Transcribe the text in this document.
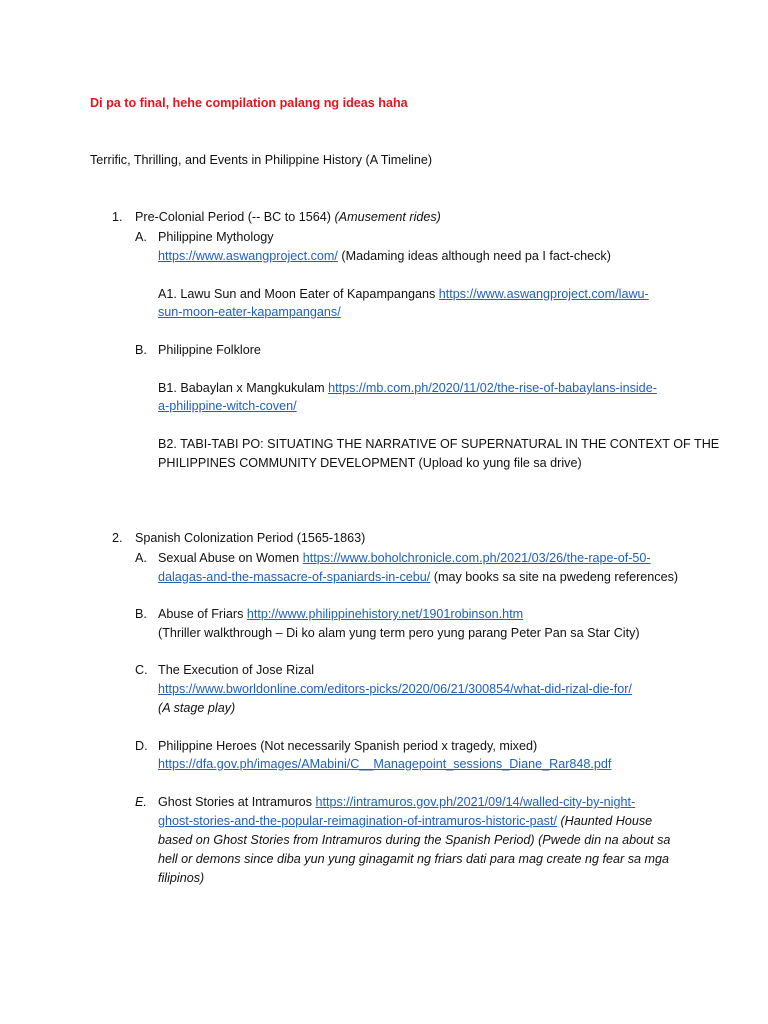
Di pa to final, hehe compilation palang ng ideas haha
Terrific, Thrilling, and Events in Philippine History (A Timeline)
1. Pre-Colonial Period (-- BC to 1564) (Amusement rides)
A. Philippine Mythology
https://www.aswangproject.com/ (Madaming ideas although need pa I fact-check)
A1. Lawu Sun and Moon Eater of Kapampangans https://www.aswangproject.com/lawu-
sun-moon-eater-kapampangans/
B. Philippine Folklore
B1. Babaylan x Mangkukulam https://mb.com.ph/2020/11/02/the-rise-of-babaylans-inside-
a-philippine-witch-coven/
B2. TABI-TABI PO: SITUATING THE NARRATIVE OF SUPERNATURAL IN THE CONTEXT OF THE
PHILIPPINES COMMUNITY DEVELOPMENT (Upload ko yung file sa drive)
2. Spanish Colonization Period (1565-1863)
A. Sexual Abuse on Women https://www.boholchronicle.com.ph/2021/03/26/the-rape-of-50-
dalagas-and-the-massacre-of-spaniards-in-cebu/ (may books sa site na pwedeng references)
B. Abuse of Friars http://www.philippinehistory.net/1901robinson.htm
(Thriller walkthrough – Di ko alam yung term pero yung parang Peter Pan sa Star City)
C. The Execution of Jose Rizal
https://www.bworldonline.com/editors-picks/2020/06/21/300854/what-did-rizal-die-for/
(A stage play)
D. Philippine Heroes (Not necessarily Spanish period x tragedy, mixed)
https://dfa.gov.ph/images/AMabini/C__Managepoint_sessions_Diane_Rar848.pdf
E. Ghost Stories at Intramuros https://intramuros.gov.ph/2021/09/14/walled-city-by-night-
ghost-stories-and-the-popular-reimagination-of-intramuros-historic-past/ (Haunted House
based on Ghost Stories from Intramuros during the Spanish Period) (Pwede din na about sa
hell or demons since diba yun yung ginagamit ng friars dati para mag create ng fear sa mga
filipinos)
